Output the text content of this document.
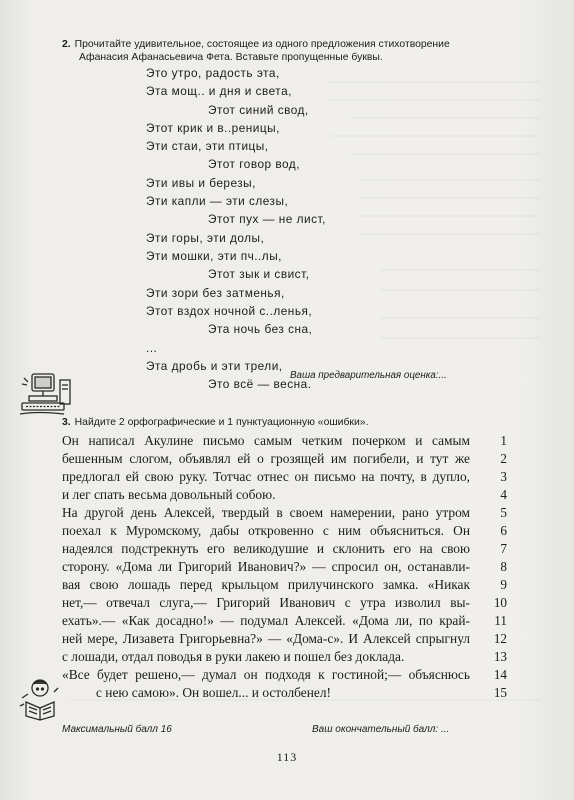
2. Прочитайте удивительное, состоящее из одного предложения стихотворение
Афанасия Афанасьевича Фета. Вставьте пропущенные буквы.
Это утро, радость эта,
Эта мощ.. и дня и света,
Этот синий свод,
Этот крик и в..реницы,
Эти стаи, эти птицы,
Этот говор вод,
Эти ивы и березы,
Эти капли — эти слезы,
Этот пух — не лист,
Эти горы, эти долы,
Эти мошки, эти пч..лы,
Этот зык и свист,
Эти зори без затменья,
Этот вздох ночной с..ленья,
Эта ночь без сна,
...
Эта дробь и эти трели,
Это всё — весна.
Ваша предварительная оценка:...
3. Найдите 2 орфографические и 1 пунктуационную «ошибки».
Он написал Акулине письмо самым четким почерком и самым
бешенным слогом, объявлял ей о грозящей им погибели, и тут же
предлогал ей свою руку. Тотчас отнес он письмо на почту, в дупло,
и лег спать весьма довольный собою.
На другой день Алексей, твердый в своем намерении, рано утром
поехал к Муромскому, дабы откровенно с ним объясниться. Он
надеялся подстрекнуть его великодушие и склонить его на свою
сторону. «Дома ли Григорий Иванович?» — спросил он, останавли-
вая свою лошадь перед крыльцом прилучинского замка. «Никак
нет,— отвечал слуга,— Григорий Иванович с утра изволил вы-
ехать».— «Как досадно!» — подумал Алексей. «Дома ли, по край-
ней мере, Лизавета Григорьевна?» — «Дома-с». И Алексей спрыгнул
с лошади, отдал поводья в руки лакею и пошел без доклада.
«Все будет решено,— думал он подходя к гостиной;— объяснюсь
с нею самою». Он вошел... и остолбенел!
1
2
3
4
5
6
7
8
9
10
11
12
13
14
15
Максимальный балл 16	Ваш окончательный балл: ...
113
